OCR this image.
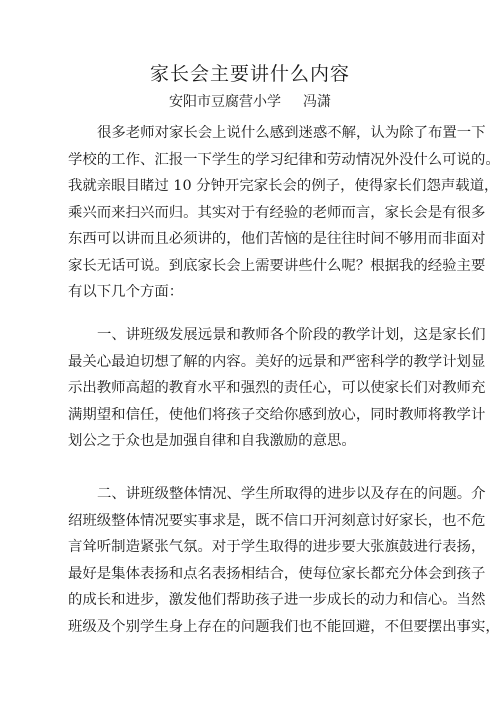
家长会主要讲什么内容
安阳市豆腐营小学 冯潇
很多老师对家长会上说什么感到迷惑不解，认为除了布置一下
学校的工作、汇报一下学生的学习纪律和劳动情况外没什么可说的。
我就亲眼目睹过 10 分钟开完家长会的例子，使得家长们怨声载道，
乘兴而来扫兴而归。其实对于有经验的老师而言，家长会是有很多
东西可以讲而且必须讲的，他们苦恼的是往往时间不够用而非面对
家长无话可说。到底家长会上需要讲些什么呢？根据我的经验主要
有以下几个方面：
一、讲班级发展远景和教师各个阶段的教学计划，这是家长们
最关心最迫切想了解的内容。美好的远景和严密科学的教学计划显
示出教师高超的教育水平和强烈的责任心，可以使家长们对教师充
满期望和信任，使他们将孩子交给你感到放心，同时教师将教学计
划公之于众也是加强自律和自我激励的意思。
二、讲班级整体情况、学生所取得的进步以及存在的问题。介
绍班级整体情况要实事求是，既不信口开河刻意讨好家长，也不危
言耸听制造紧张气氛。对于学生取得的进步要大张旗鼓进行表扬，
最好是集体表扬和点名表扬相结合，使每位家长都充分体会到孩子
的成长和进步，激发他们帮助孩子进一步成长的动力和信心。当然
班级及个别学生身上存在的问题我们也不能回避，不但要摆出事实，
